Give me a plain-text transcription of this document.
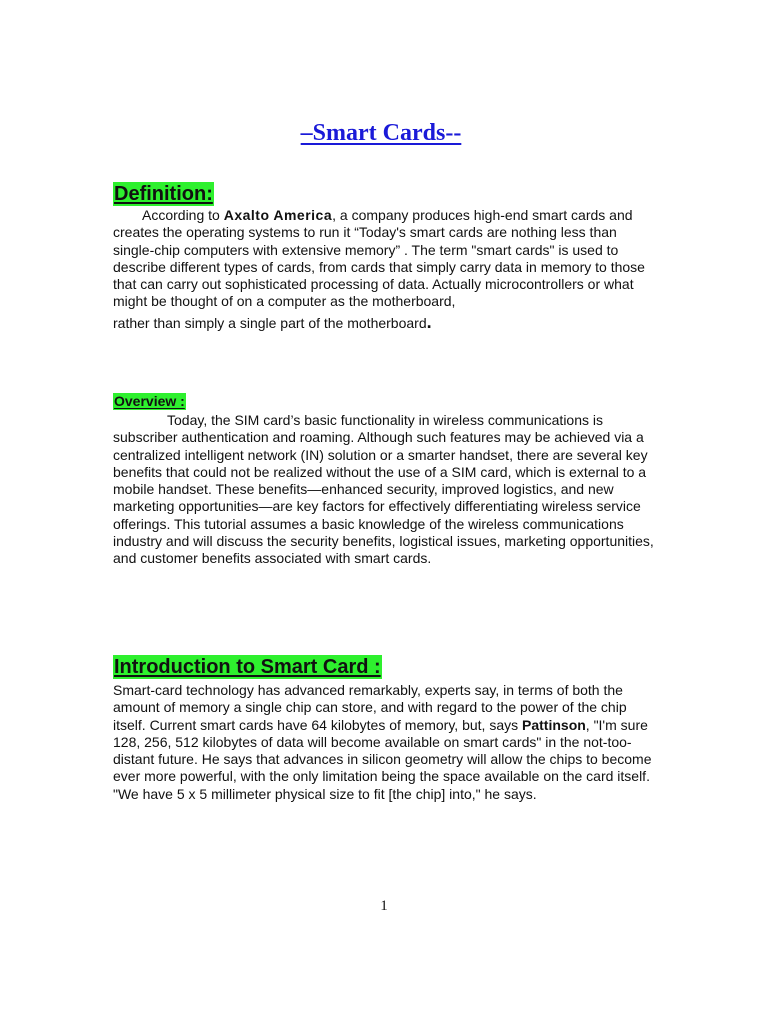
–Smart Cards--
Definition:

According to Axalto America, a company produces high-end smart cards and creates the operating systems to run it “Today's smart cards are nothing less than single-chip computers with extensive memory” . The term "smart cards" is used to describe different types of cards, from cards that simply carry data in memory to those that can carry out sophisticated processing of data. Actually microcontrollers or what might be thought of on a computer as the motherboard,
rather than simply a single part of the motherboard.

Overview :

Today, the SIM card’s basic functionality in wireless communications is subscriber authentication and roaming. Although such features may be achieved via a centralized intelligent network (IN) solution or a smarter handset, there are several key benefits that could not be realized without the use of a SIM card, which is external to a mobile handset. These benefits—enhanced security, improved logistics, and new marketing opportunities—are key factors for effectively differentiating wireless service offerings. This tutorial assumes a basic knowledge of the wireless communications industry and will discuss the security benefits, logistical issues, marketing opportunities, and customer benefits associated with smart cards.

Introduction to Smart Card :

Smart-card technology has advanced remarkably, experts say, in terms of both the amount of memory a single chip can store, and with regard to the power of the chip itself. Current smart cards have 64 kilobytes of memory, but, says Pattinson, "I'm sure 128, 256, 512 kilobytes of data will become available on smart cards" in the not-too-distant future. He says that advances in silicon geometry will allow the chips to become ever more powerful, with the only limitation being the space available on the card itself. "We have 5 x 5 millimeter physical size to fit [the chip] into," he says.

1
